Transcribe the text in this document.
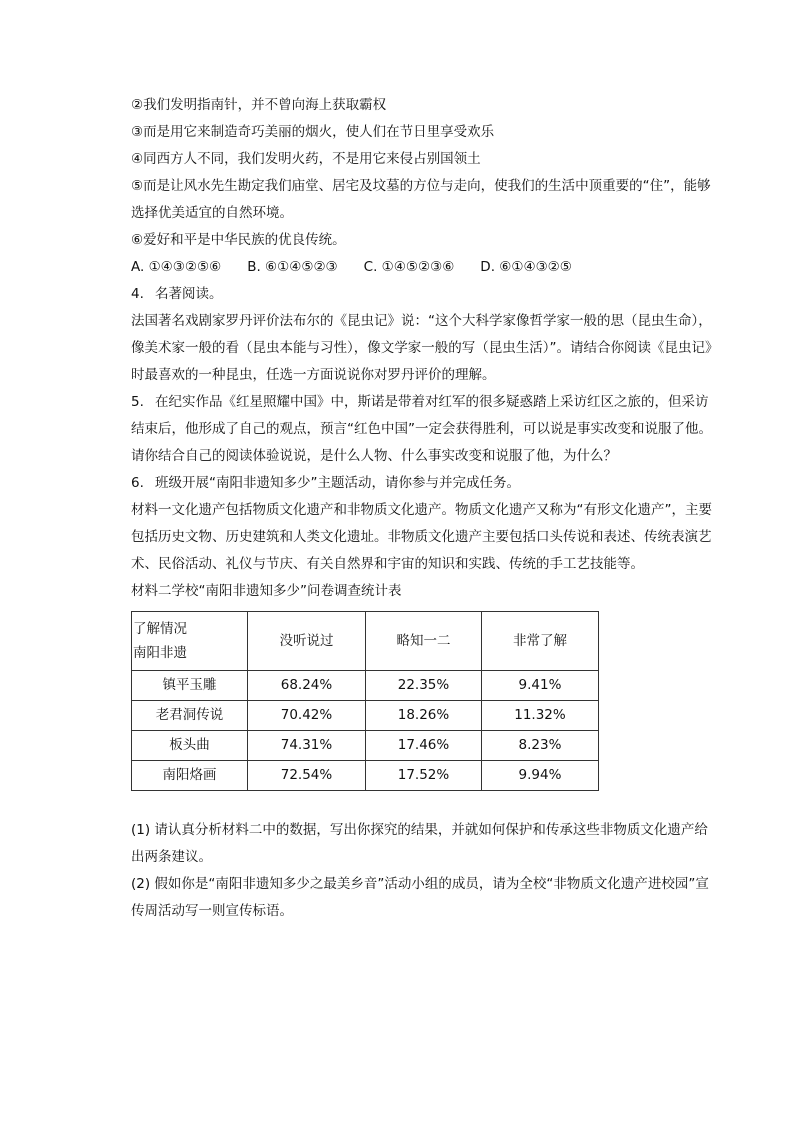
②我们发明指南针，并不曾向海上获取霸权

③而是用它来制造奇巧美丽的烟火，使人们在节日里享受欢乐

④同西方人不同，我们发明火药，不是用它来侵占别国领土

⑤而是让风水先生勘定我们庙堂、居宅及坟墓的方位与走向，使我们的生活中顶重要的“住”，能够选择优美适宜的自然环境。

⑥爱好和平是中华民族的优良传统。

A. ①④③②⑤⑥ B. ⑥①④⑤②③ C. ①④⑤②③⑥ D. ⑥①④③②⑤

4. 名著阅读。

法国著名戏剧家罗丹评价法布尔的《昆虫记》说：“这个大科学家像哲学家一般的思（昆虫生命），像美术家一般的看（昆虫本能与习性），像文学家一般的写（昆虫生活）”。请结合你阅读《昆虫记》时最喜欢的一种昆虫，任选一方面说说你对罗丹评价的理解。

5. 在纪实作品《红星照耀中国》中，斯诺是带着对红军的很多疑惑踏上采访红区之旅的，但采访结束后，他形成了自己的观点，预言“红色中国”一定会获得胜利，可以说是事实改变和说服了他。请你结合自己的阅读体验说说，是什么人物、什么事实改变和说服了他，为什么？

6. 班级开展“南阳非遗知多少”主题活动，请你参与并完成任务。

材料一文化遗产包括物质文化遗产和非物质文化遗产。物质文化遗产又称为“有形文化遗产”，主要包括历史文物、历史建筑和人类文化遗址。非物质文化遗产主要包括口头传说和表述、传统表演艺术、民俗活动、礼仪与节庆、有关自然界和宇宙的知识和实践、传统的手工艺技能等。

材料二学校“南阳非遗知多少”问卷调查统计表

了解情况
南阳非遗	没听说过	略知一二	非常了解
镇平玉雕	68.24%	22.35%	9.41%
老君洞传说	70.42%	18.26%	11.32%
板头曲	74.31%	17.46%	8.23%
南阳烙画	72.54%	17.52%	9.94%

(1) 请认真分析材料二中的数据，写出你探究的结果，并就如何保护和传承这些非物质文化遗产给出两条建议。

(2) 假如你是“南阳非遗知多少之最美乡音”活动小组的成员，请为全校“非物质文化遗产进校园”宣传周活动写一则宣传标语。
